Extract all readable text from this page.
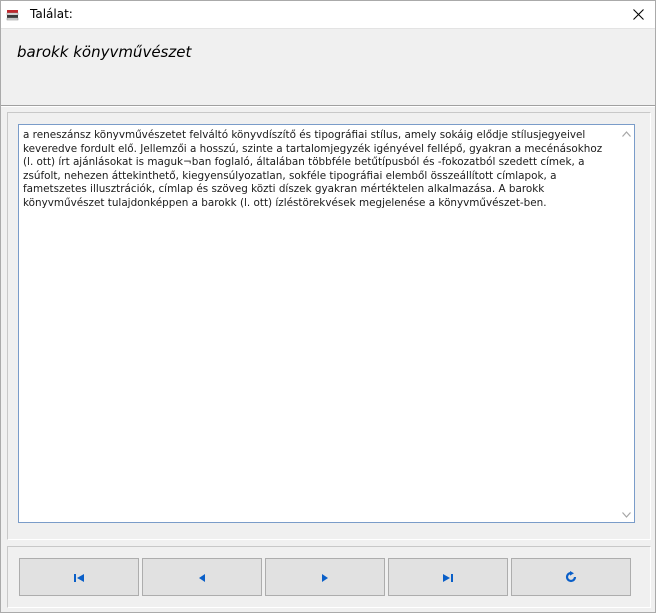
Találat:
barokk könyvművészet
a reneszánsz könyvművészetet felváltó könyvdíszítő és tipográfiai stílus, amely sokáig elődje stílusjegyeivel keveredve fordult elő. Jellemzői a hosszú, szinte a tartalomjegyzék igényével fellépő, gyakran a mecénásokhoz (l. ott) írt ajánlásokat is maguk¬ban foglaló, általában többféle betűtípusból és -fokozatból szedett címek, a zsúfolt, nehezen áttekinthető, kiegyensúlyozatlan, sokféle tipográfiai elemből összeállított címlapok, a fametszetes illusztrációk, címlap és szöveg közti díszek gyakran mértéktelen alkalmazása. A barokk könyvművészet tulajdonképpen a barokk (l. ott) ízléstörekvések megjelenése a könyvművészet-ben.
